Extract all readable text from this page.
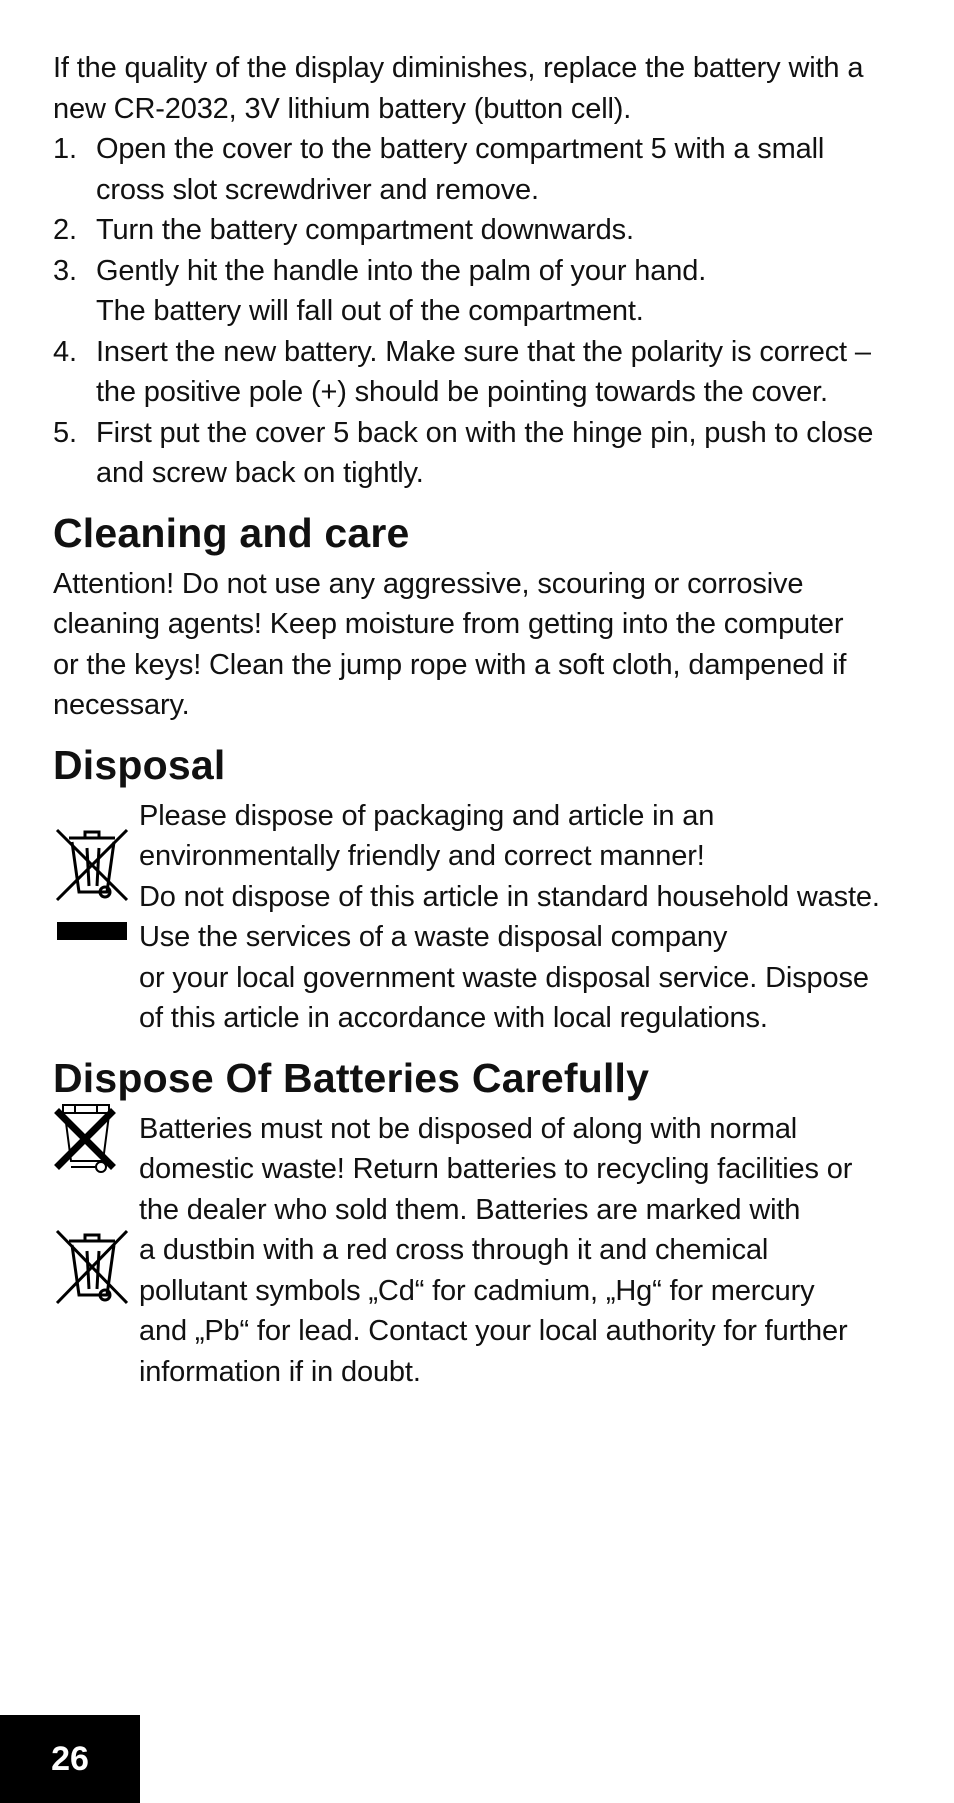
If the quality of the display diminishes, replace the battery with a
new CR-2032, 3V lithium battery (button cell).

1. Open the cover to the battery compartment 5 with a small
cross slot screwdriver and remove.
2. Turn the battery compartment downwards.
3. Gently hit the handle into the palm of your hand.
The battery will fall out of the compartment.
4. Insert the new battery. Make sure that the polarity is correct –
the positive pole (+) should be pointing towards the cover.
5. First put the cover 5 back on with the hinge pin, push to close
and screw back on tightly.
Cleaning and care

Attention! Do not use any aggressive, scouring or corrosive
cleaning agents! Keep moisture from getting into the computer
or the keys! Clean the jump rope with a soft cloth, dampened if
necessary.

Disposal

Please dispose of packaging and article in an
environmentally friendly and correct manner!
Do not dispose of this article in standard household waste.
Use the services of a waste disposal company
or your local government waste disposal service. Dispose
of this article in accordance with local regulations.

Dispose Of Batteries Carefully

Batteries must not be disposed of along with normal
domestic waste! Return batteries to recycling facilities or
the dealer who sold them. Batteries are marked with
a dustbin with a red cross through it and chemical
pollutant symbols „Cd“ for cadmium, „Hg“ for mercury
and „Pb“ for lead. Contact your local authority for further
information if in doubt.

26
